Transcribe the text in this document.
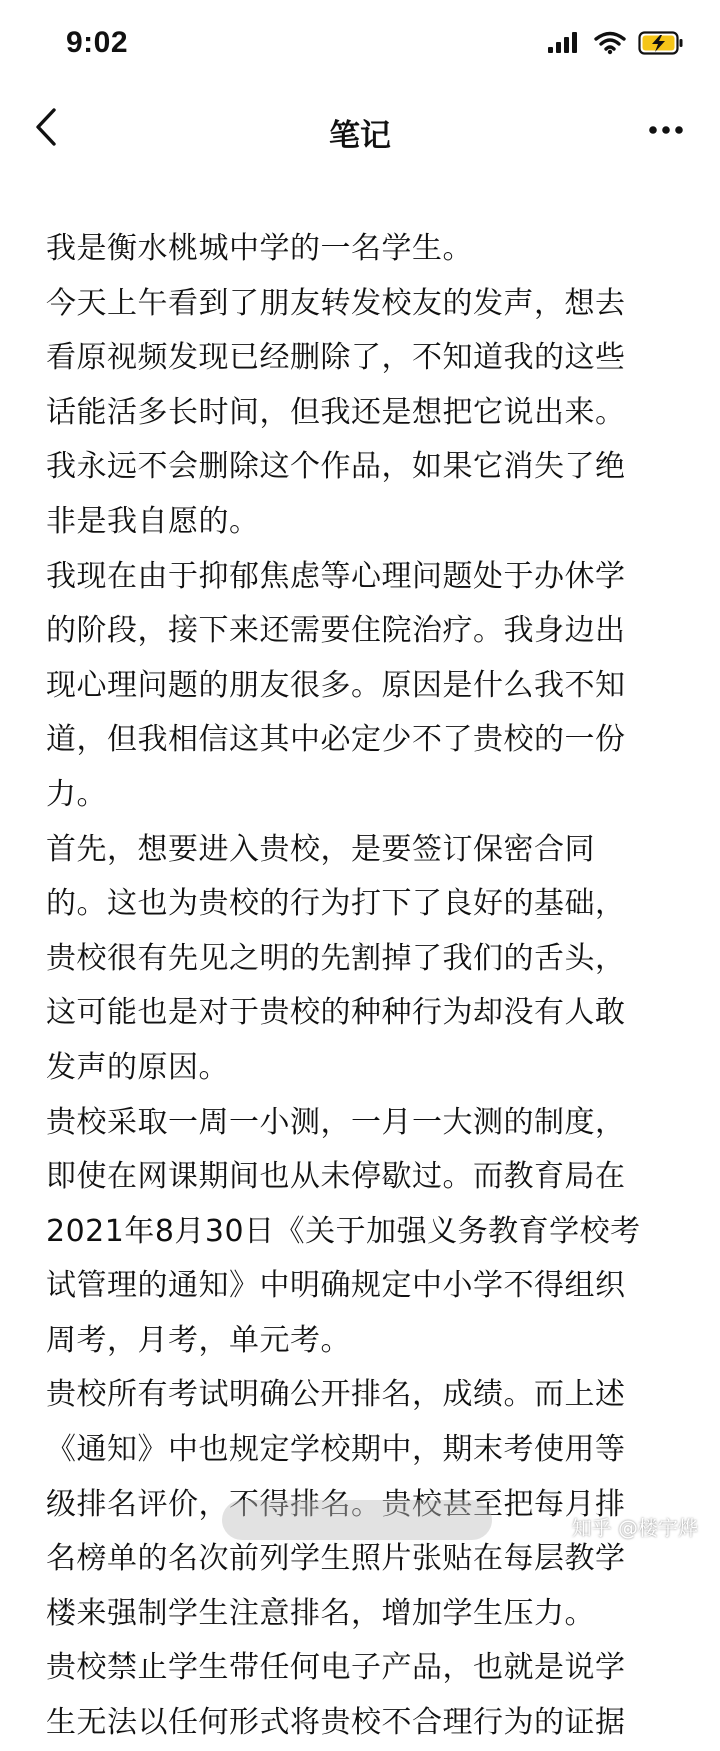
9:02
笔记
我是衡水桃城中学的一名学生。
今天上午看到了朋友转发校友的发声，想去
看原视频发现已经删除了，不知道我的这些
话能活多长时间，但我还是想把它说出来。
我永远不会删除这个作品，如果它消失了绝
非是我自愿的。
我现在由于抑郁焦虑等心理问题处于办休学
的阶段，接下来还需要住院治疗。我身边出
现心理问题的朋友很多。原因是什么我不知
道，但我相信这其中必定少不了贵校的一份
力。
首先，想要进入贵校，是要签订保密合同
的。这也为贵校的行为打下了良好的基础，
贵校很有先见之明的先割掉了我们的舌头，
这可能也是对于贵校的种种行为却没有人敢
发声的原因。
贵校采取一周一小测，一月一大测的制度，
即使在网课期间也从未停歇过。而教育局在
2021年8月30日《关于加强义务教育学校考
试管理的通知》中明确规定中小学不得组织
周考，月考，单元考。
贵校所有考试明确公开排名，成绩。而上述
《通知》中也规定学校期中，期末考使用等
级排名评价，不得排名。贵校甚至把每月排
名榜单的名次前列学生照片张贴在每层教学
楼来强制学生注意排名，增加学生压力。
贵校禁止学生带任何电子产品，也就是说学
生无法以任何形式将贵校不合理行为的证据
知乎 @楼宇烨
